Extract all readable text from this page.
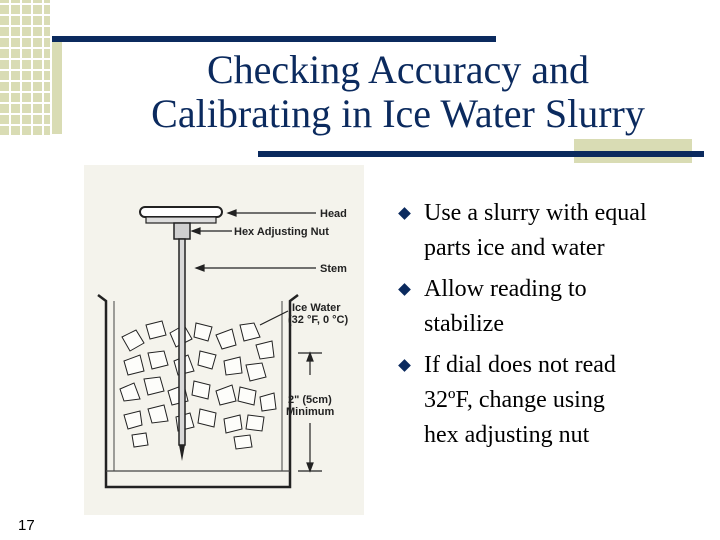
Checking Accuracy and
Calibrating in Ice Water Slurry
Head
Hex Adjusting Nut
Stem
Ice Water
(32 °F, 0 °C)
2" (5cm)
Minimum
Use a slurry with equal
parts ice and water
Allow reading to
stabilize
If dial does not read
32ºF, change using
hex adjusting nut
17
